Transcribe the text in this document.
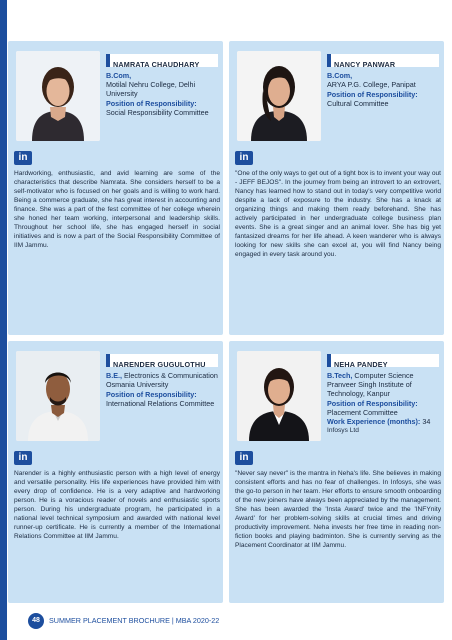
NAMRATA CHAUDHARY
B.Com,
Motilal Nehru College, Delhi University
Position of Responsibility:
Social Responsibility Committee
in
Hardworking, enthusiastic, and avid learning are some of the characteristics that describe Namrata. She considers herself to be a self-motivator who is focused on her goals and is willing to work hard. Being a commerce graduate, she has great interest in accounting and finance. She was a part of the fest committee of her college wherein she honed her team working, interpersonal and leadership skills. Throughout her school life, she has engaged herself in social initiatives and is now a part of the Social Responsibility Committee of IIM Jammu.
NANCY PANWAR
B.Com,
ARYA P.G. College, Panipat
Position of Responsibility:
Cultural Committee
in
"One of the only ways to get out of a tight box is to invent your way out - JEFF BEJOS". In the journey from being an introvert to an extrovert, Nancy has learned how to stand out in today's very competitive world despite a lack of exposure to the industry. She has a knack at organizing things and making them ready beforehand. She has actively participated in her undergraduate college business plan events. She is a great singer and an animal lover. She has big yet fantasized dreams for her life ahead. A keen wanderer who is always looking for new skills she can excel at, you will find Nancy being engaged in every task around you.
NARENDER GUGULOTHU
B.E., Electronics & Communication
Osmania University
Position of Responsibility:
International Relations Committee
in
Narender is a highly enthusiastic person with a high level of energy and versatile personality. His life experiences have provided him with every drop of confidence. He is a very adaptive and hardworking person. He is a voracious reader of novels and enthusiastic sports person. During his undergraduate program, he participated in a national level technical symposium and awarded with national level runner-up certificate. He is currently a member of the International Relations Committee at IIM Jammu.
NEHA PANDEY
B.Tech, Computer Science
Pranveer Singh Institute of Technology, Kanpur
Position of Responsibility:
Placement Committee
Work Experience (months): 34
Infosys Ltd
in
"Never say never" is the mantra in Neha's life. She believes in making consistent efforts and has no fear of challenges. In Infosys, she was the go-to person in her team. Her efforts to ensure smooth onboarding of the new joiners have always been appreciated by the management. She has been awarded the 'Insta Award' twice and the 'INFYnity Award' for her problem-solving skills at crucial times and driving productivity improvement. Neha invests her free time in reading non-fiction books and playing badminton. She is currently serving as the Placement Coordinator at IIM Jammu.
48	SUMMER PLACEMENT BROCHURE | MBA 2020-22
